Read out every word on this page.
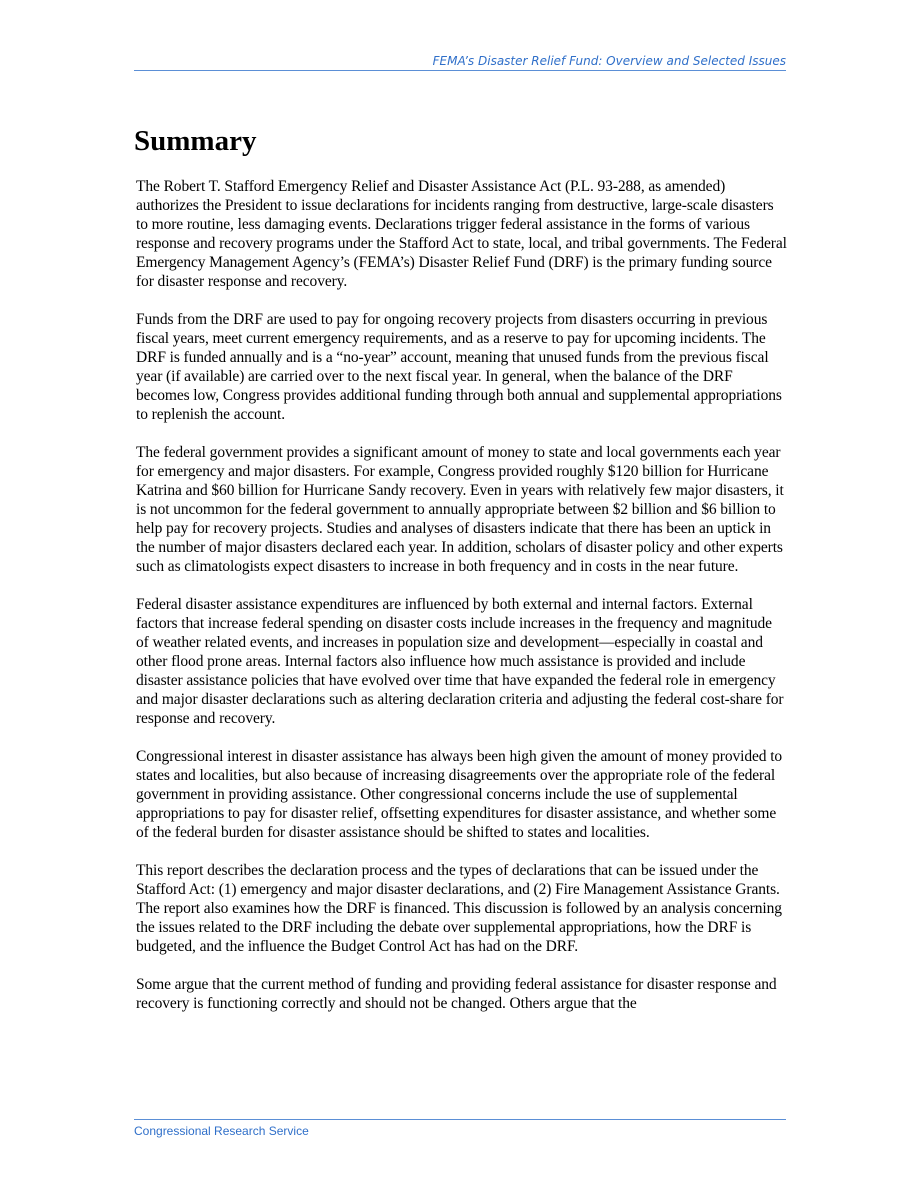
FEMA’s Disaster Relief Fund: Overview and Selected Issues
Summary

The Robert T. Stafford Emergency Relief and Disaster Assistance Act (P.L. 93-288, as amended) authorizes the President to issue declarations for incidents ranging from destructive, large-scale disasters to more routine, less damaging events. Declarations trigger federal assistance in the forms of various response and recovery programs under the Stafford Act to state, local, and tribal governments. The Federal Emergency Management Agency’s (FEMA’s) Disaster Relief Fund (DRF) is the primary funding source for disaster response and recovery.

Funds from the DRF are used to pay for ongoing recovery projects from disasters occurring in previous fiscal years, meet current emergency requirements, and as a reserve to pay for upcoming incidents. The DRF is funded annually and is a “no-year” account, meaning that unused funds from the previous fiscal year (if available) are carried over to the next fiscal year. In general, when the balance of the DRF becomes low, Congress provides additional funding through both annual and supplemental appropriations to replenish the account.

The federal government provides a significant amount of money to state and local governments each year for emergency and major disasters. For example, Congress provided roughly $120 billion for Hurricane Katrina and $60 billion for Hurricane Sandy recovery. Even in years with relatively few major disasters, it is not uncommon for the federal government to annually appropriate between $2 billion and $6 billion to help pay for recovery projects. Studies and analyses of disasters indicate that there has been an uptick in the number of major disasters declared each year. In addition, scholars of disaster policy and other experts such as climatologists expect disasters to increase in both frequency and in costs in the near future.

Federal disaster assistance expenditures are influenced by both external and internal factors. External factors that increase federal spending on disaster costs include increases in the frequency and magnitude of weather related events, and increases in population size and development—especially in coastal and other flood prone areas. Internal factors also influence how much assistance is provided and include disaster assistance policies that have evolved over time that have expanded the federal role in emergency and major disaster declarations such as altering declaration criteria and adjusting the federal cost-share for response and recovery.

Congressional interest in disaster assistance has always been high given the amount of money provided to states and localities, but also because of increasing disagreements over the appropriate role of the federal government in providing assistance. Other congressional concerns include the use of supplemental appropriations to pay for disaster relief, offsetting expenditures for disaster assistance, and whether some of the federal burden for disaster assistance should be shifted to states and localities.

This report describes the declaration process and the types of declarations that can be issued under the Stafford Act: (1) emergency and major disaster declarations, and (2) Fire Management Assistance Grants. The report also examines how the DRF is financed. This discussion is followed by an analysis concerning the issues related to the DRF including the debate over supplemental appropriations, how the DRF is budgeted, and the influence the Budget Control Act has had on the DRF.

Some argue that the current method of funding and providing federal assistance for disaster response and recovery is functioning correctly and should not be changed. Others argue that the

Congressional Research Service
